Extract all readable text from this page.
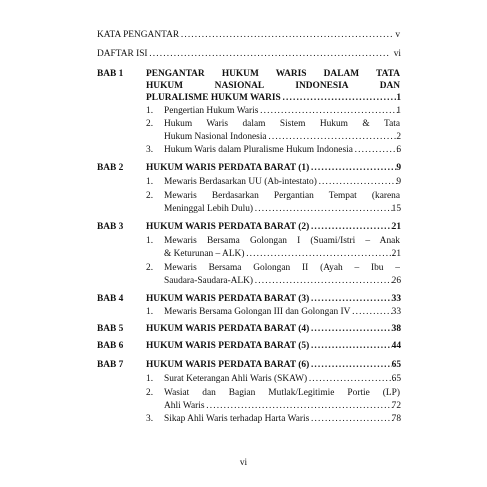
KATA PENGANTAR . . .	v
DAFTAR ISI . . .	vi
BAB 1 PENGANTAR HUKUM WARIS DALAM TATA
HUKUM NASIONAL INDONESIA DAN
PLURALISME HUKUM WARIS . . .	1
1. Pengertian Hukum Waris . . .	1
2. Hukum Waris dalam Sistem Hukum & Tata
Hukum Nasional Indonesia . . .	2
3. Hukum Waris dalam Pluralisme Hukum Indonesia . . .	6
BAB 2 HUKUM WARIS PERDATA BARAT (1) . . .	9
1. Mewaris Berdasarkan UU (Ab-intestato) . . .	9
2. Mewaris Berdasarkan Pergantian Tempat (karena
Meninggal Lebih Dulu) . . .	15
BAB 3 HUKUM WARIS PERDATA BARAT (2) . . .	21
1. Mewaris Bersama Golongan I (Suami/Istri – Anak
& Keturunan – ALK) . . .	21
2. Mewaris Bersama Golongan II (Ayah – Ibu –
Saudara-Saudara-ALK) . . .	26
BAB 4 HUKUM WARIS PERDATA BARAT (3) . . .	33
1. Mewaris Bersama Golongan III dan Golongan IV . . .	33
BAB 5 HUKUM WARIS PERDATA BARAT (4) . . .	38
BAB 6 HUKUM WARIS PERDATA BARAT (5) . . .	44
BAB 7 HUKUM WARIS PERDATA BARAT (6) . . .	65
1. Surat Keterangan Ahli Waris (SKAW) . . .	65
2. Wasiat dan Bagian Mutlak/Legitimie Portie (LP)
Ahli Waris . . .	72
3. Sikap Ahli Waris terhadap Harta Waris . . .	78
vi
